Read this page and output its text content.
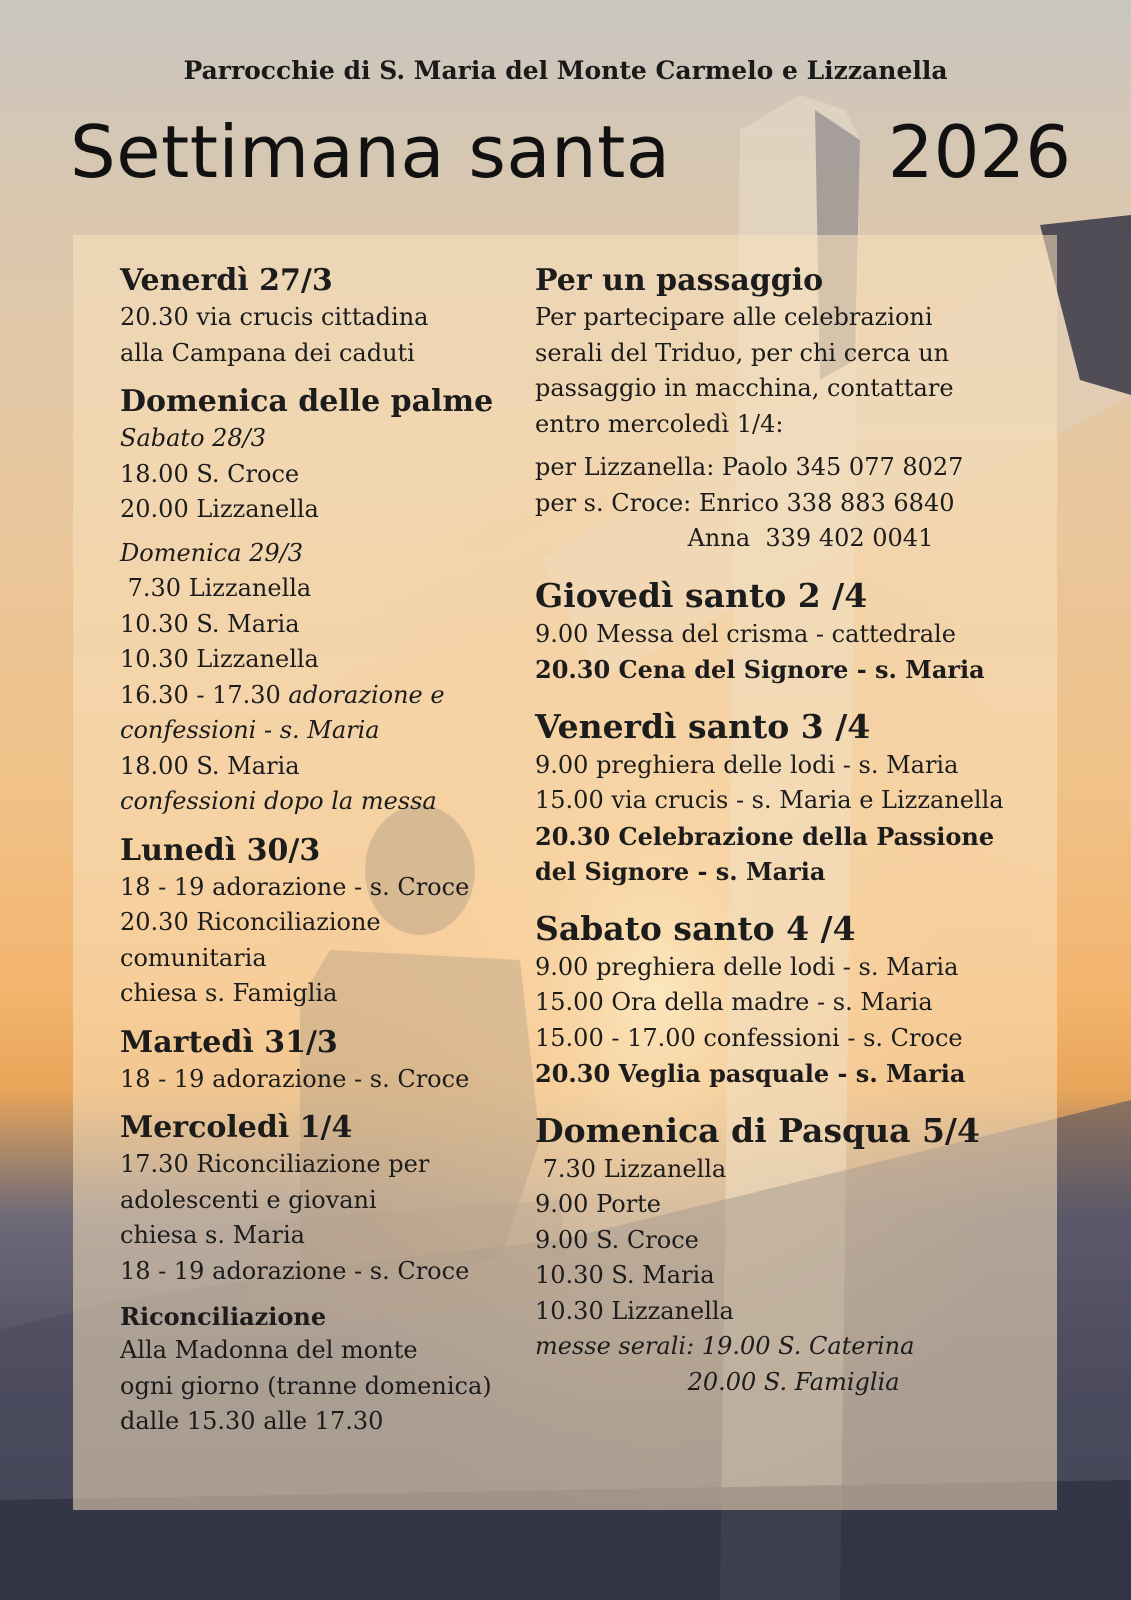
Parrocchie di S. Maria del Monte Carmelo e Lizzanella
Settimana santa	2026
Venerdì 27/3
20.30 via crucis cittadina
alla Campana dei caduti
Domenica delle palme
Sabato 28/3
18.00 S. Croce
20.00 Lizzanella
Domenica 29/3
7.30 Lizzanella
10.30 S. Maria
10.30 Lizzanella
16.30 - 17.30 adorazione e
confessioni - s. Maria
18.00 S. Maria
confessioni dopo la messa
Lunedì 30/3
18 - 19 adorazione - s. Croce
20.30 Riconciliazione
comunitaria
chiesa s. Famiglia
Martedì 31/3
18 - 19 adorazione - s. Croce
Mercoledì 1/4
17.30 Riconciliazione per
adolescenti e giovani
chiesa s. Maria
18 - 19 adorazione - s. Croce
Riconciliazione
Alla Madonna del monte
ogni giorno (tranne domenica)
dalle 15.30 alle 17.30
Per un passaggio
Per partecipare alle celebrazioni
serali del Triduo, per chi cerca un
passaggio in macchina, contattare
entro mercoledì 1/4:
per Lizzanella: Paolo 345 077 8027
per s. Croce: Enrico 338 883 6840
Anna  339 402 0041
Giovedì santo 2 /4
9.00 Messa del crisma - cattedrale
20.30 Cena del Signore - s. Maria
Venerdì santo 3 /4
9.00 preghiera delle lodi - s. Maria
15.00 via crucis - s. Maria e Lizzanella
20.30 Celebrazione della Passione
del Signore - s. Maria
Sabato santo 4 /4
9.00 preghiera delle lodi - s. Maria
15.00 Ora della madre - s. Maria
15.00 - 17.00 confessioni - s. Croce
20.30 Veglia pasquale - s. Maria
Domenica di Pasqua 5/4
7.30 Lizzanella
9.00 Porte
9.00 S. Croce
10.30 S. Maria
10.30 Lizzanella
messe serali: 19.00 S. Caterina
20.00 S. Famiglia
